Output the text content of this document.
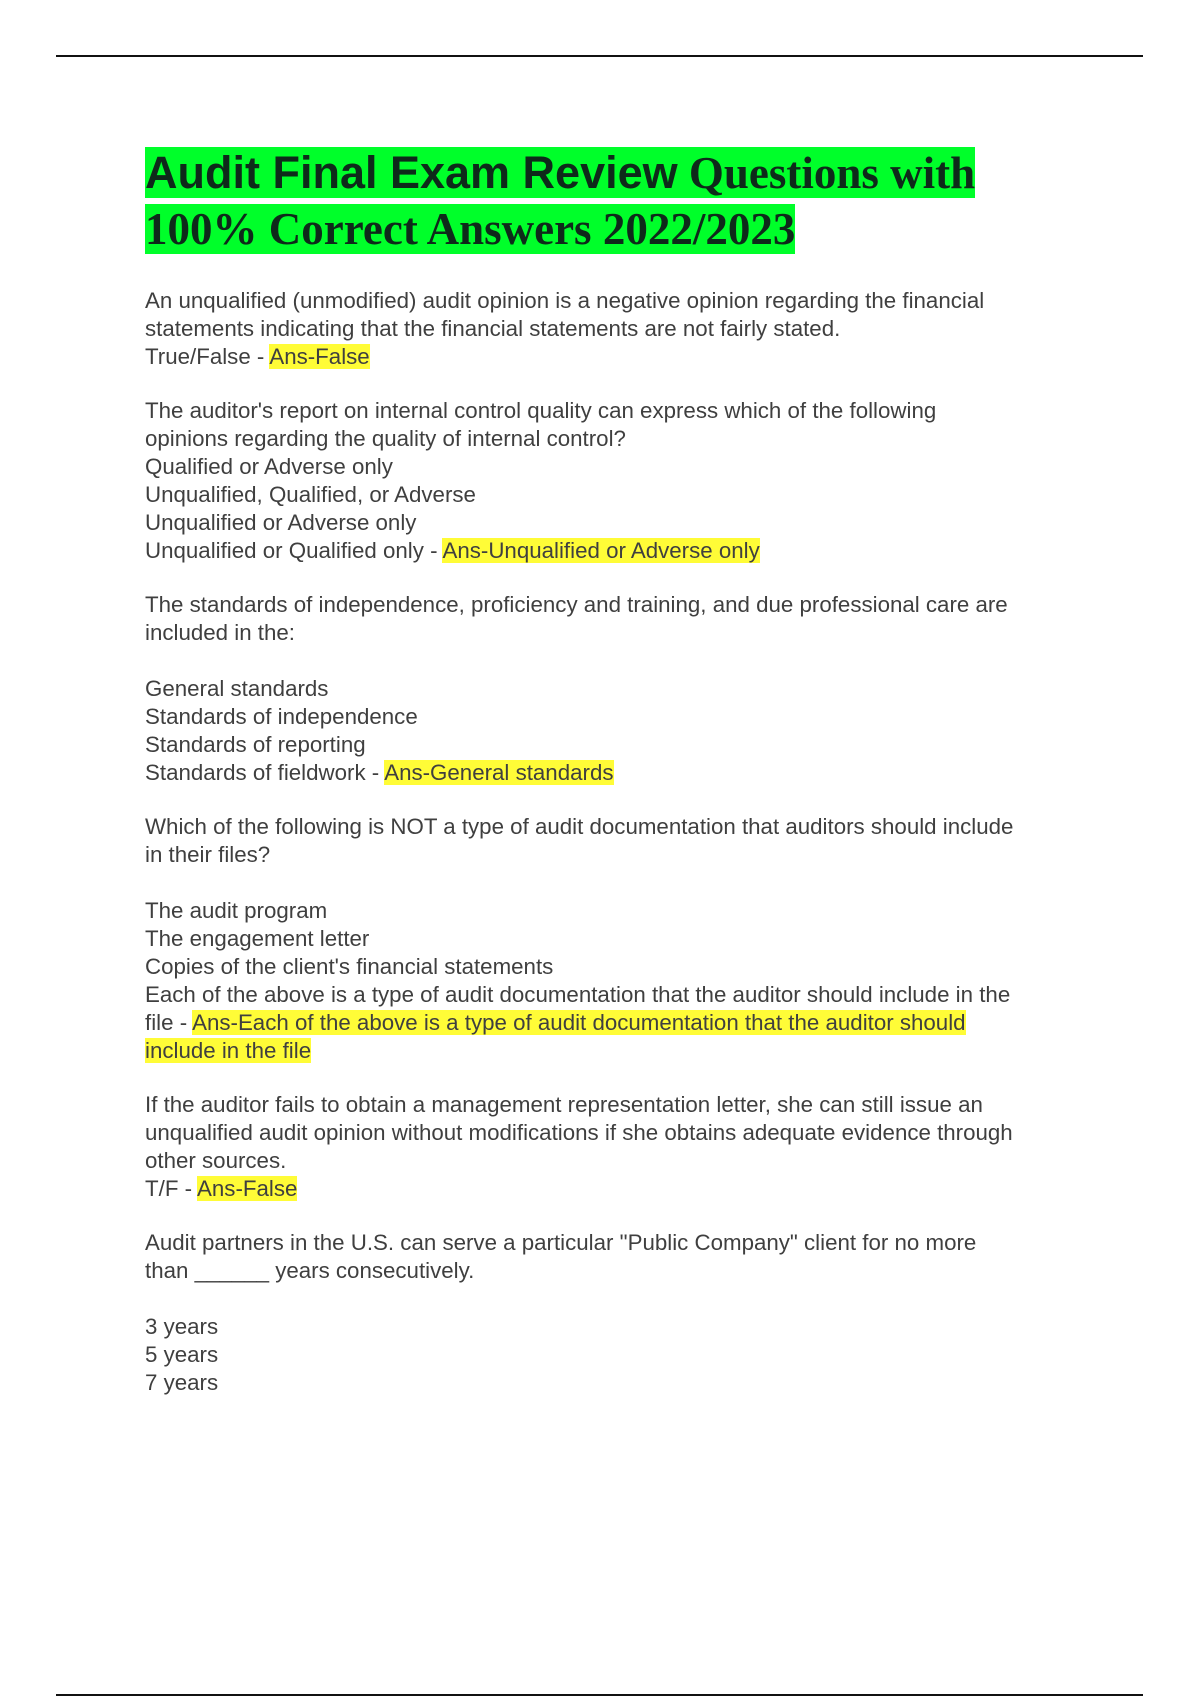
Audit Final Exam Review Questions with
100% Correct Answers 2022/2023
An unqualified (unmodified) audit opinion is a negative opinion regarding the financial
statements indicating that the financial statements are not fairly stated.
True/False - Ans-False
The auditor's report on internal control quality can express which of the following
opinions regarding the quality of internal control?
Qualified or Adverse only
Unqualified, Qualified, or Adverse
Unqualified or Adverse only
Unqualified or Qualified only - Ans-Unqualified or Adverse only
The standards of independence, proficiency and training, and due professional care are
included in the:
General standards
Standards of independence
Standards of reporting
Standards of fieldwork - Ans-General standards
Which of the following is NOT a type of audit documentation that auditors should include
in their files?
The audit program
The engagement letter
Copies of the client's financial statements
Each of the above is a type of audit documentation that the auditor should include in the
file - Ans-Each of the above is a type of audit documentation that the auditor should
include in the file
If the auditor fails to obtain a management representation letter, she can still issue an
unqualified audit opinion without modifications if she obtains adequate evidence through
other sources.
T/F - Ans-False
Audit partners in the U.S. can serve a particular "Public Company" client for no more
than ______ years consecutively.
3 years
5 years
7 years
